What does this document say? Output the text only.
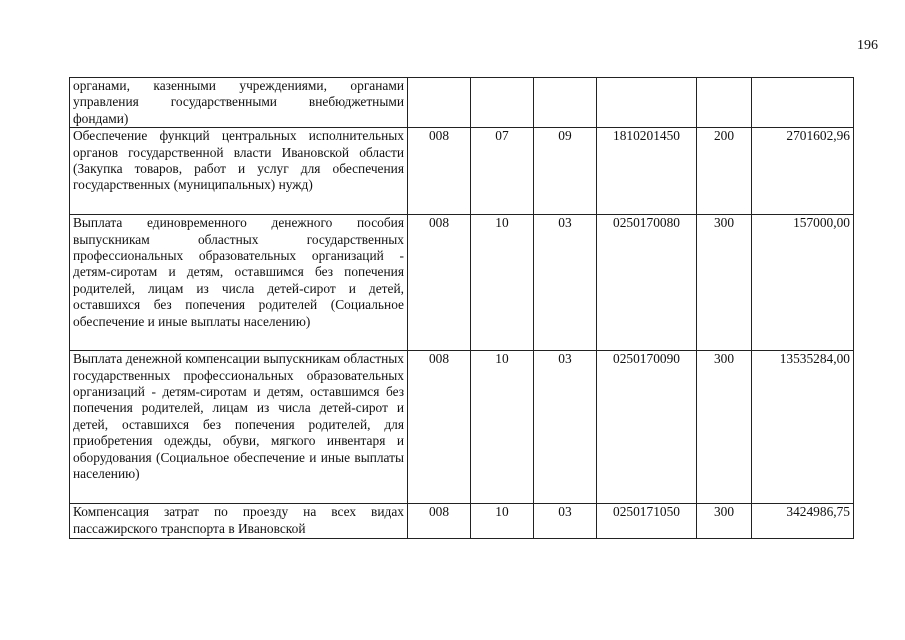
196
органами, казенными учреждениями, органами управления государственными внебюджетными фондами)						

Обеспечение функций центральных исполнительных органов государственной власти Ивановской области (Закупка товаров, работ и услуг для обеспечения государственных (муниципальных) нужд)	008	07	09	1810201450	200	2701602,96

Выплата единовременного денежного пособия выпускникам областных государственных профессиональных образовательных организаций - детям-сиротам и детям, оставшимся без попечения родителей, лицам из числа детей-сирот и детей, оставшихся без попечения родителей (Социальное обеспечение и иные выплаты населению)	008	10	03	0250170080	300	157000,00

Выплата денежной компенсации выпускникам областных государственных профессиональных образовательных организаций - детям-сиротам и детям, оставшимся без попечения родителей, лицам из числа детей-сирот и детей, оставшихся без попечения родителей, для приобретения одежды, обуви, мягкого инвентаря и оборудования (Социальное обеспечение и иные выплаты населению)	008	10	03	0250170090	300	13535284,00

Компенсация затрат по проезду на всех видах пассажирского транспорта в Ивановской	008	10	03	0250171050	300	3424986,75
